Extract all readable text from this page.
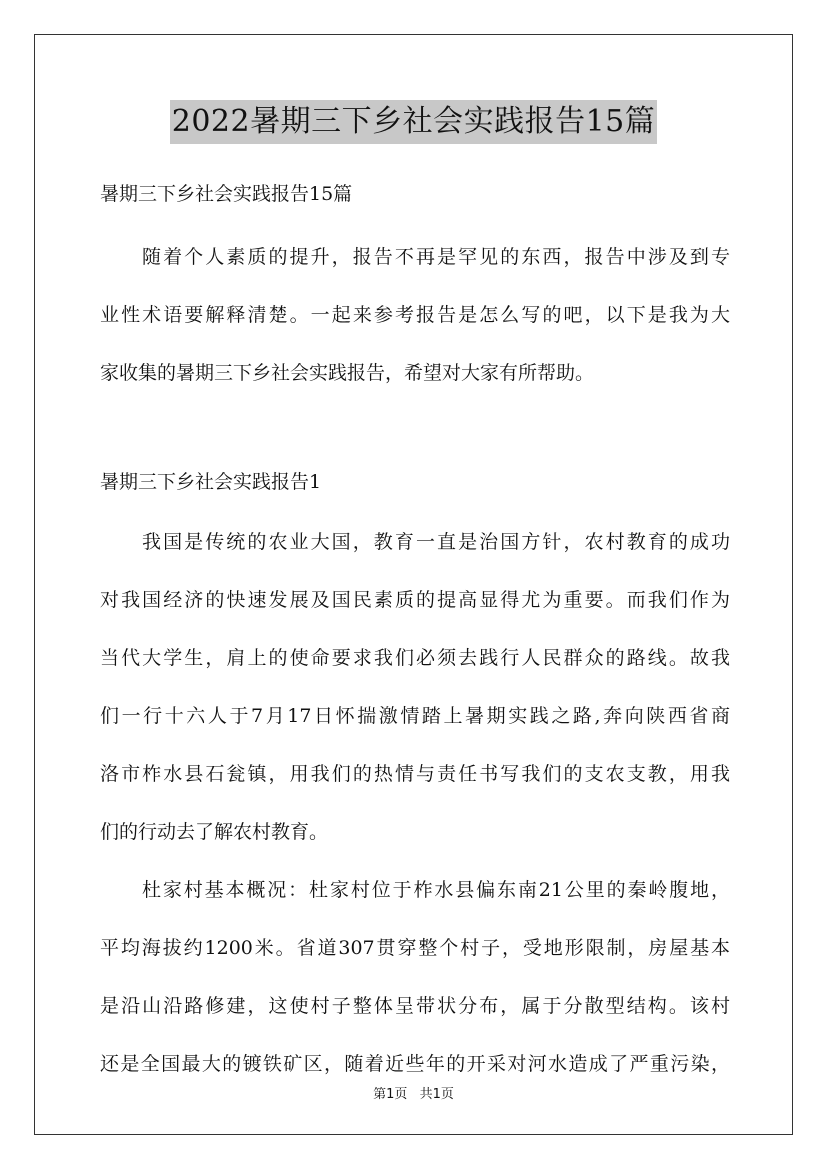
2022暑期三下乡社会实践报告15篇

暑期三下乡社会实践报告15篇

随着个人素质的提升，报告不再是罕见的东西，报告中涉及到专
业性术语要解释清楚。一起来参考报告是怎么写的吧，以下是我为大
家收集的暑期三下乡社会实践报告，希望对大家有所帮助。

暑期三下乡社会实践报告1

我国是传统的农业大国，教育一直是治国方针，农村教育的成功
对我国经济的快速发展及国民素质的提高显得尤为重要。而我们作为
当代大学生，肩上的使命要求我们必须去践行人民群众的路线。故我
们一行十六人于7月17日怀揣激情踏上暑期实践之路,奔向陕西省商
洛市柞水县石瓮镇，用我们的热情与责任书写我们的支农支教，用我
们的行动去了解农村教育。

杜家村基本概况：杜家村位于柞水县偏东南21公里的秦岭腹地，
平均海拔约1200米。省道307贯穿整个村子，受地形限制，房屋基本
是沿山沿路修建，这使村子整体呈带状分布，属于分散型结构。该村
还是全国最大的镀铁矿区，随着近些年的开采对河水造成了严重污染，

第1页 共1页
